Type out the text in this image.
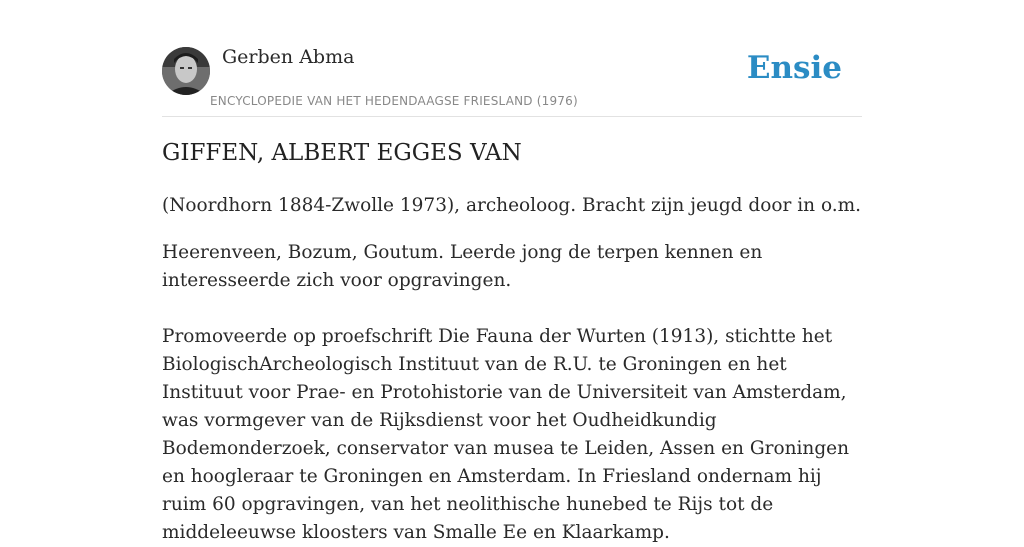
Gerben Abma
ENCYCLOPEDIE VAN HET HEDENDAAGSE FRIESLAND (1976)
Ensie
GIFFEN, ALBERT EGGES VAN

(Noordhorn 1884-Zwolle 1973), archeoloog. Bracht zijn jeugd door in o.m.

Heerenveen, Bozum, Goutum. Leerde jong de terpen kennen en interesseerde zich voor opgravingen.

Promoveerde op proefschrift Die Fauna der Wurten (1913), stichtte het BiologischArcheologisch Instituut van de R.U. te Groningen en het Instituut voor Prae- en Protohistorie van de Universiteit van Amsterdam, was vormgever van de Rijksdienst voor het Oudheidkundig Bodemonderzoek, conservator van musea te Leiden, Assen en Groningen en hoogleraar te Groningen en Amsterdam. In Friesland ondernam hij ruim 60 opgravingen, van het neolithische hunebed te Rijs tot de middeleeuwse kloosters van Smalle Ee en Klaarkamp.
